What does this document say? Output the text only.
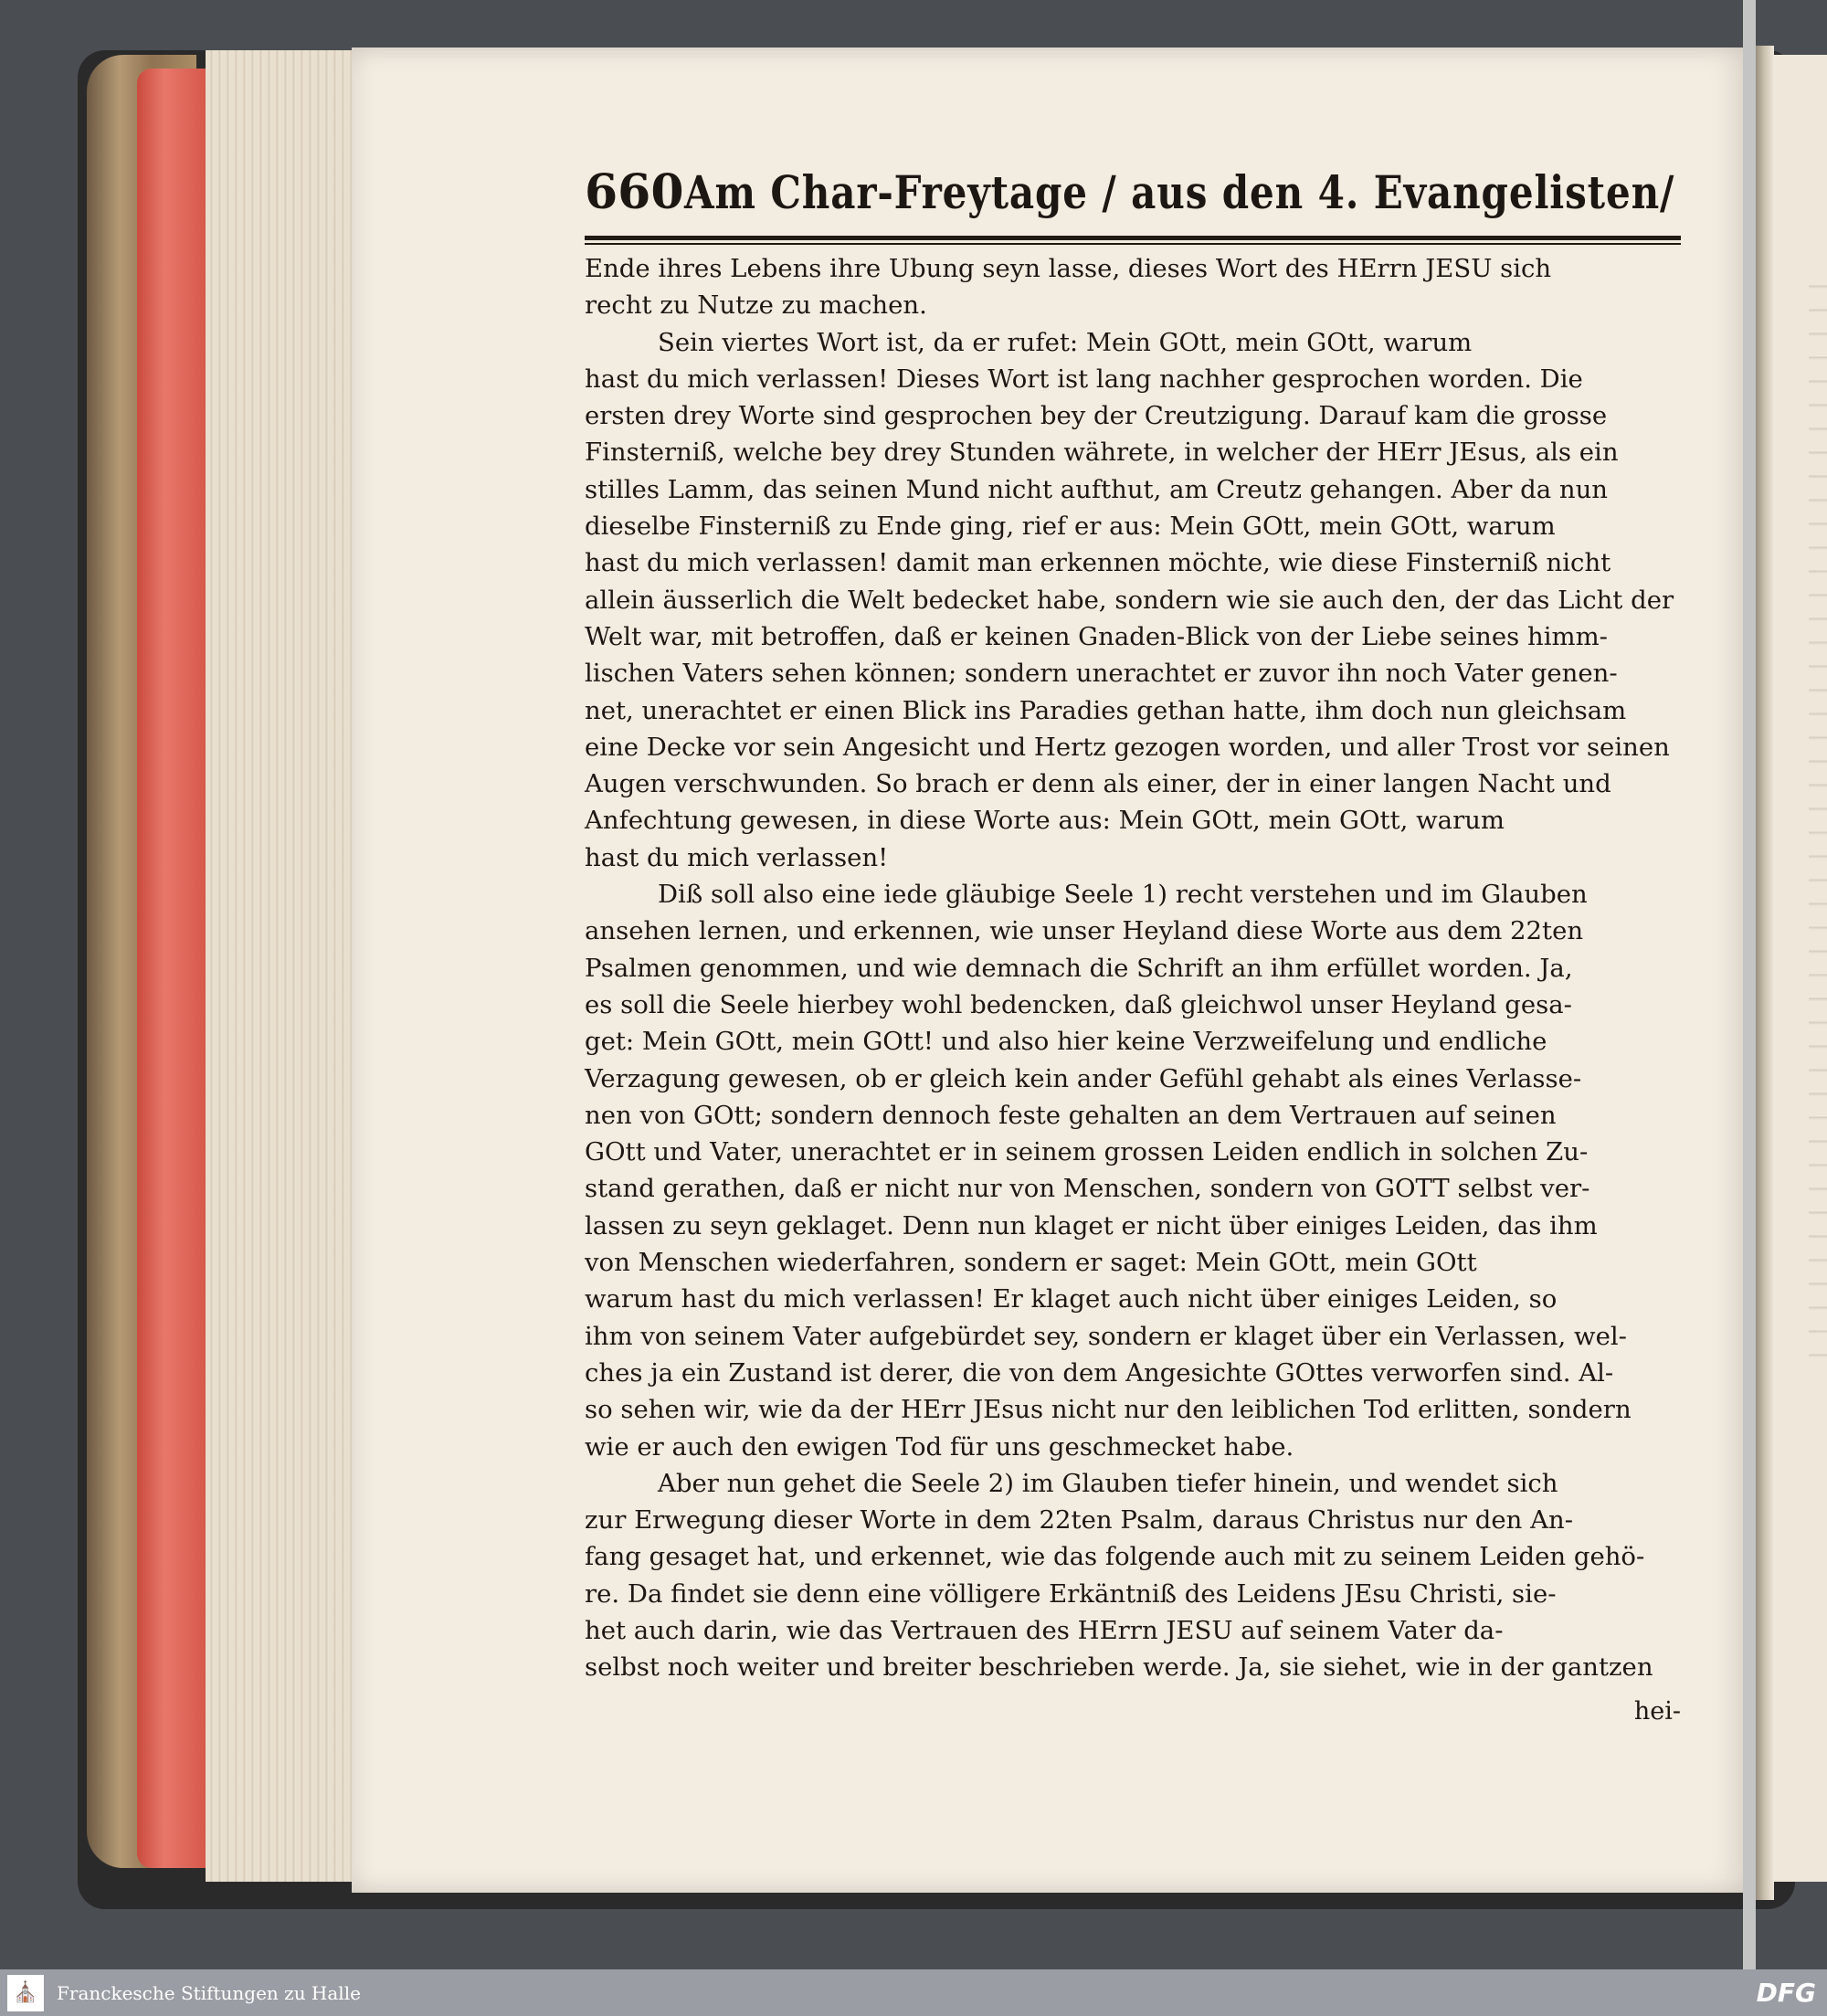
660 Am Char-Freytage / aus den 4. Evangelisten/
Ende ihres Lebens ihre Ubung seyn lasse, dieses Wort des HErrn JESU sich
recht zu Nutze zu machen.
Sein viertes Wort ist, da er rufet: Mein GOtt, mein GOtt, warum
hast du mich verlassen! Dieses Wort ist lang nachher gesprochen worden. Die
ersten drey Worte sind gesprochen bey der Creutzigung. Darauf kam die grosse
Finsterniß, welche bey drey Stunden währete, in welcher der HErr JEsus, als ein
stilles Lamm, das seinen Mund nicht aufthut, am Creutz gehangen. Aber da nun
dieselbe Finsterniß zu Ende ging, rief er aus: Mein GOtt, mein GOtt, warum
hast du mich verlassen! damit man erkennen möchte, wie diese Finsterniß nicht
allein äusserlich die Welt bedecket habe, sondern wie sie auch den, der das Licht der
Welt war, mit betroffen, daß er keinen Gnaden-Blick von der Liebe seines himm-
lischen Vaters sehen können; sondern unerachtet er zuvor ihn noch Vater genen-
net, unerachtet er einen Blick ins Paradies gethan hatte, ihm doch nun gleichsam
eine Decke vor sein Angesicht und Hertz gezogen worden, und aller Trost vor seinen
Augen verschwunden. So brach er denn als einer, der in einer langen Nacht und
Anfechtung gewesen, in diese Worte aus: Mein GOtt, mein GOtt, warum
hast du mich verlassen!
Diß soll also eine iede gläubige Seele 1) recht verstehen und im Glauben
ansehen lernen, und erkennen, wie unser Heyland diese Worte aus dem 22ten
Psalmen genommen, und wie demnach die Schrift an ihm erfüllet worden. Ja,
es soll die Seele hierbey wohl bedencken, daß gleichwol unser Heyland gesa-
get: Mein GOtt, mein GOtt! und also hier keine Verzweifelung und endliche
Verzagung gewesen, ob er gleich kein ander Gefühl gehabt als eines Verlasse-
nen von GOtt; sondern dennoch feste gehalten an dem Vertrauen auf seinen
GOtt und Vater, unerachtet er in seinem grossen Leiden endlich in solchen Zu-
stand gerathen, daß er nicht nur von Menschen, sondern von GOTT selbst ver-
lassen zu seyn geklaget. Denn nun klaget er nicht über einiges Leiden, das ihm
von Menschen wiederfahren, sondern er saget: Mein GOtt, mein GOtt
warum hast du mich verlassen! Er klaget auch nicht über einiges Leiden, so
ihm von seinem Vater aufgebürdet sey, sondern er klaget über ein Verlassen, wel-
ches ja ein Zustand ist derer, die von dem Angesichte GOttes verworfen sind. Al-
so sehen wir, wie da der HErr JEsus nicht nur den leiblichen Tod erlitten, sondern
wie er auch den ewigen Tod für uns geschmecket habe.
Aber nun gehet die Seele 2) im Glauben tiefer hinein, und wendet sich
zur Erwegung dieser Worte in dem 22ten Psalm, daraus Christus nur den An-
fang gesaget hat, und erkennet, wie das folgende auch mit zu seinem Leiden gehö-
re. Da findet sie denn eine völligere Erkäntniß des Leidens JEsu Christi, sie-
het auch darin, wie das Vertrauen des HErrn JESU auf seinem Vater da-
selbst noch weiter und breiter beschrieben werde. Ja, sie siehet, wie in der gantzen
hei-
⛪ Franckesche Stiftungen zu Halle	DFG
